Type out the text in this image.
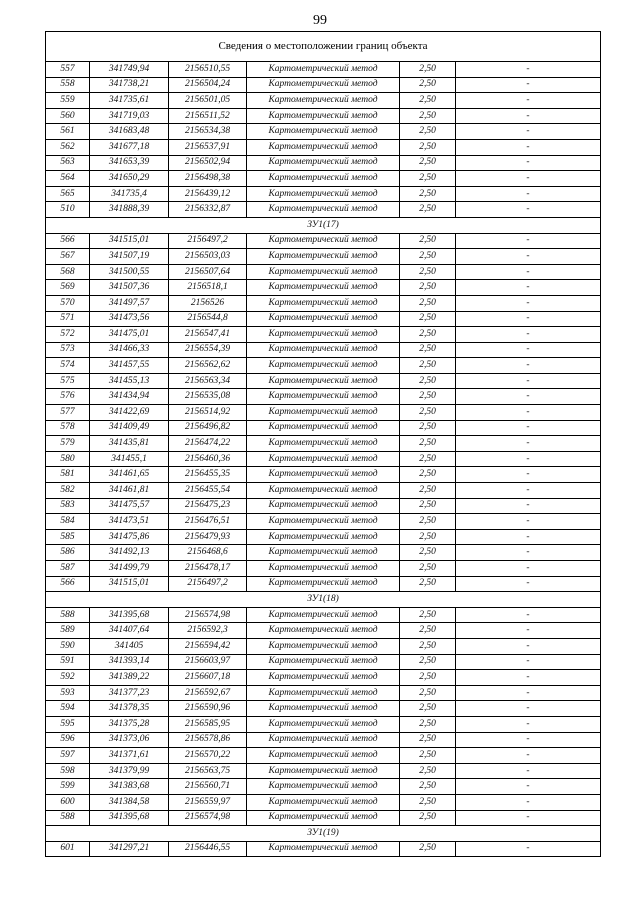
99
Сведения о местоположении границ объекта					
557	341749,94	2156510,55	Картометрический метод	2,50	-
558	341738,21	2156504,24	Картометрический метод	2,50	-
559	341735,61	2156501,05	Картометрический метод	2,50	-
560	341719,03	2156511,52	Картометрический метод	2,50	-
561	341683,48	2156534,38	Картометрический метод	2,50	-
562	341677,18	2156537,91	Картометрический метод	2,50	-
563	341653,39	2156502,94	Картометрический метод	2,50	-
564	341650,29	2156498,38	Картометрический метод	2,50	-
565	341735,4	2156439,12	Картометрический метод	2,50	-
510	341888,39	2156332,87	Картометрический метод	2,50	-
ЗУ1(17)					
566	341515,01	2156497,2	Картометрический метод	2,50	-
567	341507,19	2156503,03	Картометрический метод	2,50	-
568	341500,55	2156507,64	Картометрический метод	2,50	-
569	341507,36	2156518,1	Картометрический метод	2,50	-
570	341497,57	2156526	Картометрический метод	2,50	-
571	341473,56	2156544,8	Картометрический метод	2,50	-
572	341475,01	2156547,41	Картометрический метод	2,50	-
573	341466,33	2156554,39	Картометрический метод	2,50	-
574	341457,55	2156562,62	Картометрический метод	2,50	-
575	341455,13	2156563,34	Картометрический метод	2,50	-
576	341434,94	2156535,08	Картометрический метод	2,50	-
577	341422,69	2156514,92	Картометрический метод	2,50	-
578	341409,49	2156496,82	Картометрический метод	2,50	-
579	341435,81	2156474,22	Картометрический метод	2,50	-
580	341455,1	2156460,36	Картометрический метод	2,50	-
581	341461,65	2156455,35	Картометрический метод	2,50	-
582	341461,81	2156455,54	Картометрический метод	2,50	-
583	341475,57	2156475,23	Картометрический метод	2,50	-
584	341473,51	2156476,51	Картометрический метод	2,50	-
585	341475,86	2156479,93	Картометрический метод	2,50	-
586	341492,13	2156468,6	Картометрический метод	2,50	-
587	341499,79	2156478,17	Картометрический метод	2,50	-
566	341515,01	2156497,2	Картометрический метод	2,50	-
ЗУ1(18)					
588	341395,68	2156574,98	Картометрический метод	2,50	-
589	341407,64	2156592,3	Картометрический метод	2,50	-
590	341405	2156594,42	Картометрический метод	2,50	-
591	341393,14	2156603,97	Картометрический метод	2,50	-
592	341389,22	2156607,18	Картометрический метод	2,50	-
593	341377,23	2156592,67	Картометрический метод	2,50	-
594	341378,35	2156590,96	Картометрический метод	2,50	-
595	341375,28	2156585,95	Картометрический метод	2,50	-
596	341373,06	2156578,86	Картометрический метод	2,50	-
597	341371,61	2156570,22	Картометрический метод	2,50	-
598	341379,99	2156563,75	Картометрический метод	2,50	-
599	341383,68	2156560,71	Картометрический метод	2,50	-
600	341384,58	2156559,97	Картометрический метод	2,50	-
588	341395,68	2156574,98	Картометрический метод	2,50	-
ЗУ1(19)					
601	341297,21	2156446,55	Картометрический метод	2,50	-
